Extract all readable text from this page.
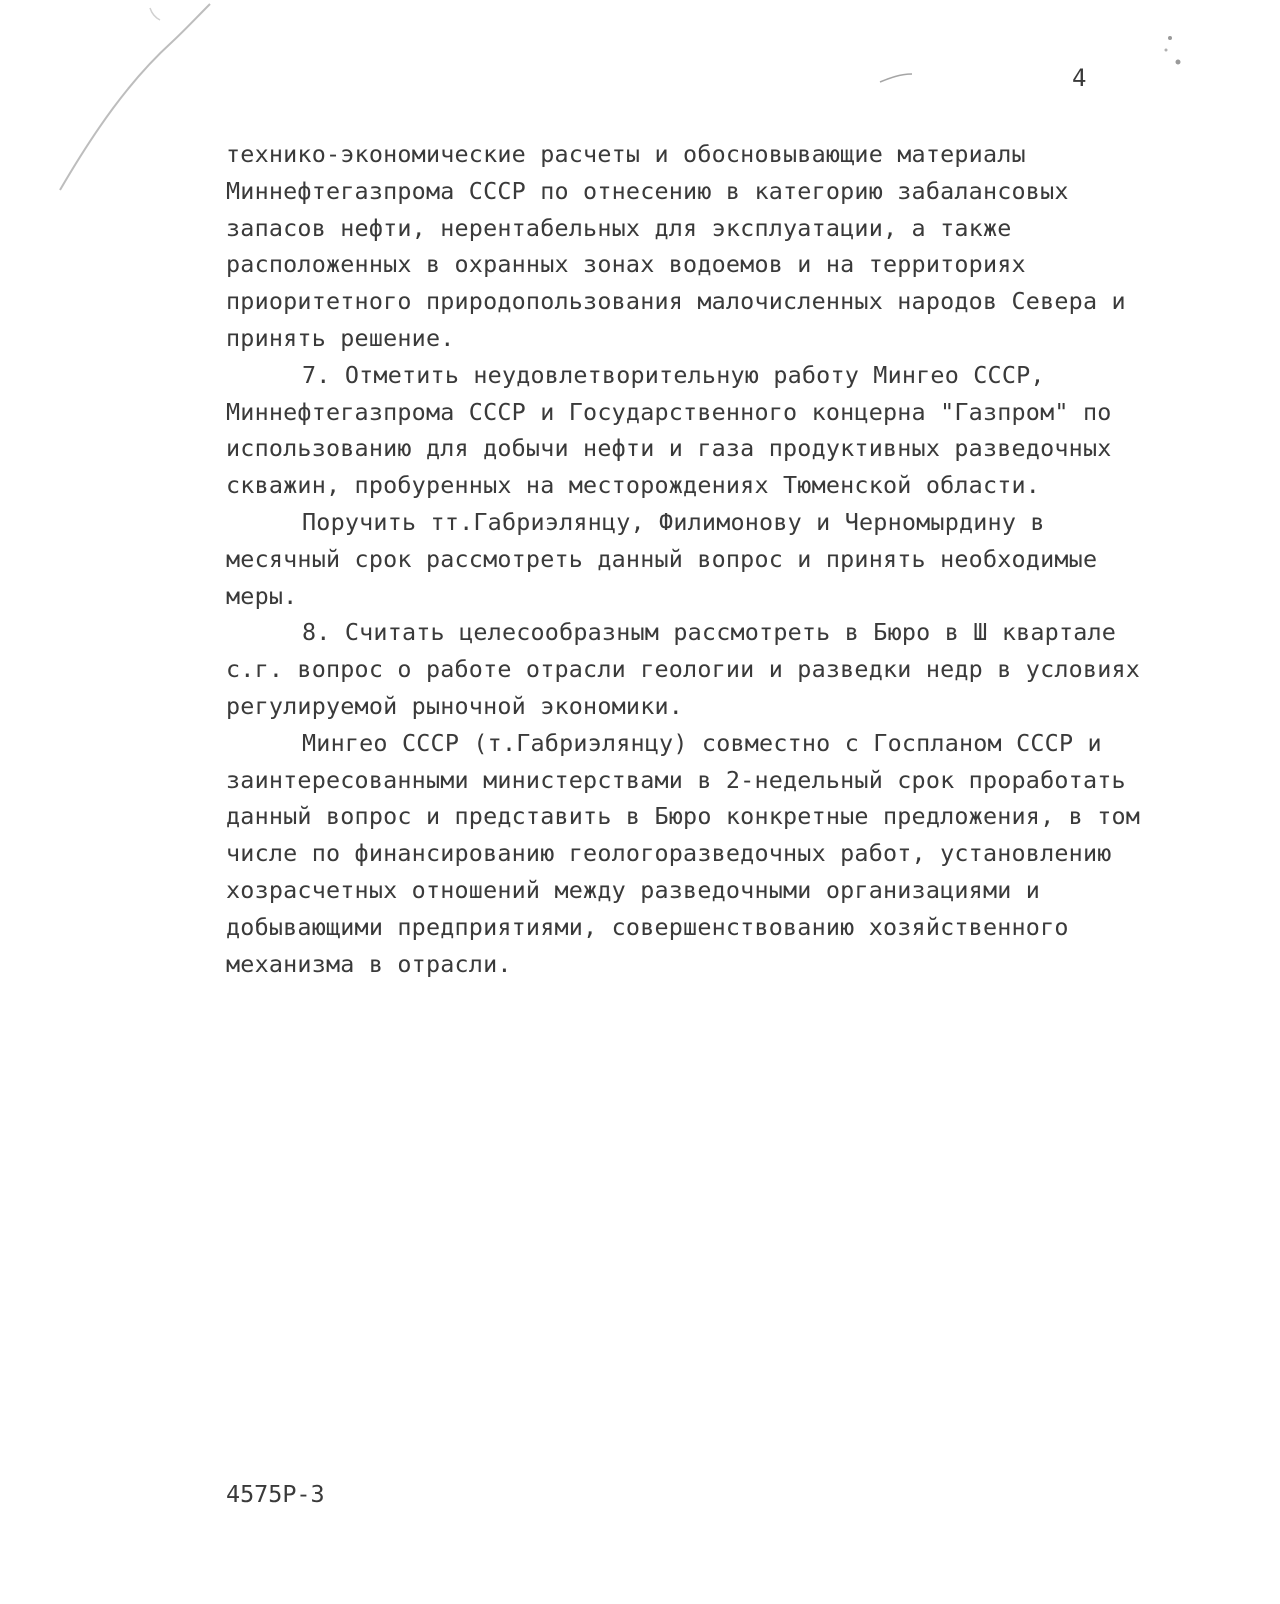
4
технико-экономические расчеты и обосновывающие материалы
Миннефтегазпрома СССР по отнесению в категорию забалансовых
запасов нефти, нерентабельных для эксплуатации, а также
расположенных в охранных зонах водоемов и на территориях
приоритетного природопользования малочисленных народов Севера и
принять решение.
7. Отметить неудовлетворительную работу Мингео СССР,
Миннефтегазпрома СССР и Государственного концерна "Газпром" по
использованию для добычи нефти и газа продуктивных разведочных
скважин, пробуренных на месторождениях Тюменской области.
Поручить тт.Габриэлянцу, Филимонову и Черномырдину в
месячный срок рассмотреть данный вопрос и принять необходимые
меры.
8. Считать целесообразным рассмотреть в Бюро в Ш квартале
с.г. вопрос о работе отрасли геологии и разведки недр в условиях
регулируемой рыночной экономики.
Мингео СССР (т.Габриэлянцу) совместно с Госпланом СССР и
заинтересованными министерствами в 2-недельный срок проработать
данный вопрос и представить в Бюро конкретные предложения, в том
числе по финансированию геологоразведочных работ, установлению
хозрасчетных отношений между разведочными организациями и
добывающими предприятиями, совершенствованию хозяйственного
механизма в отрасли.
4575Р-3
